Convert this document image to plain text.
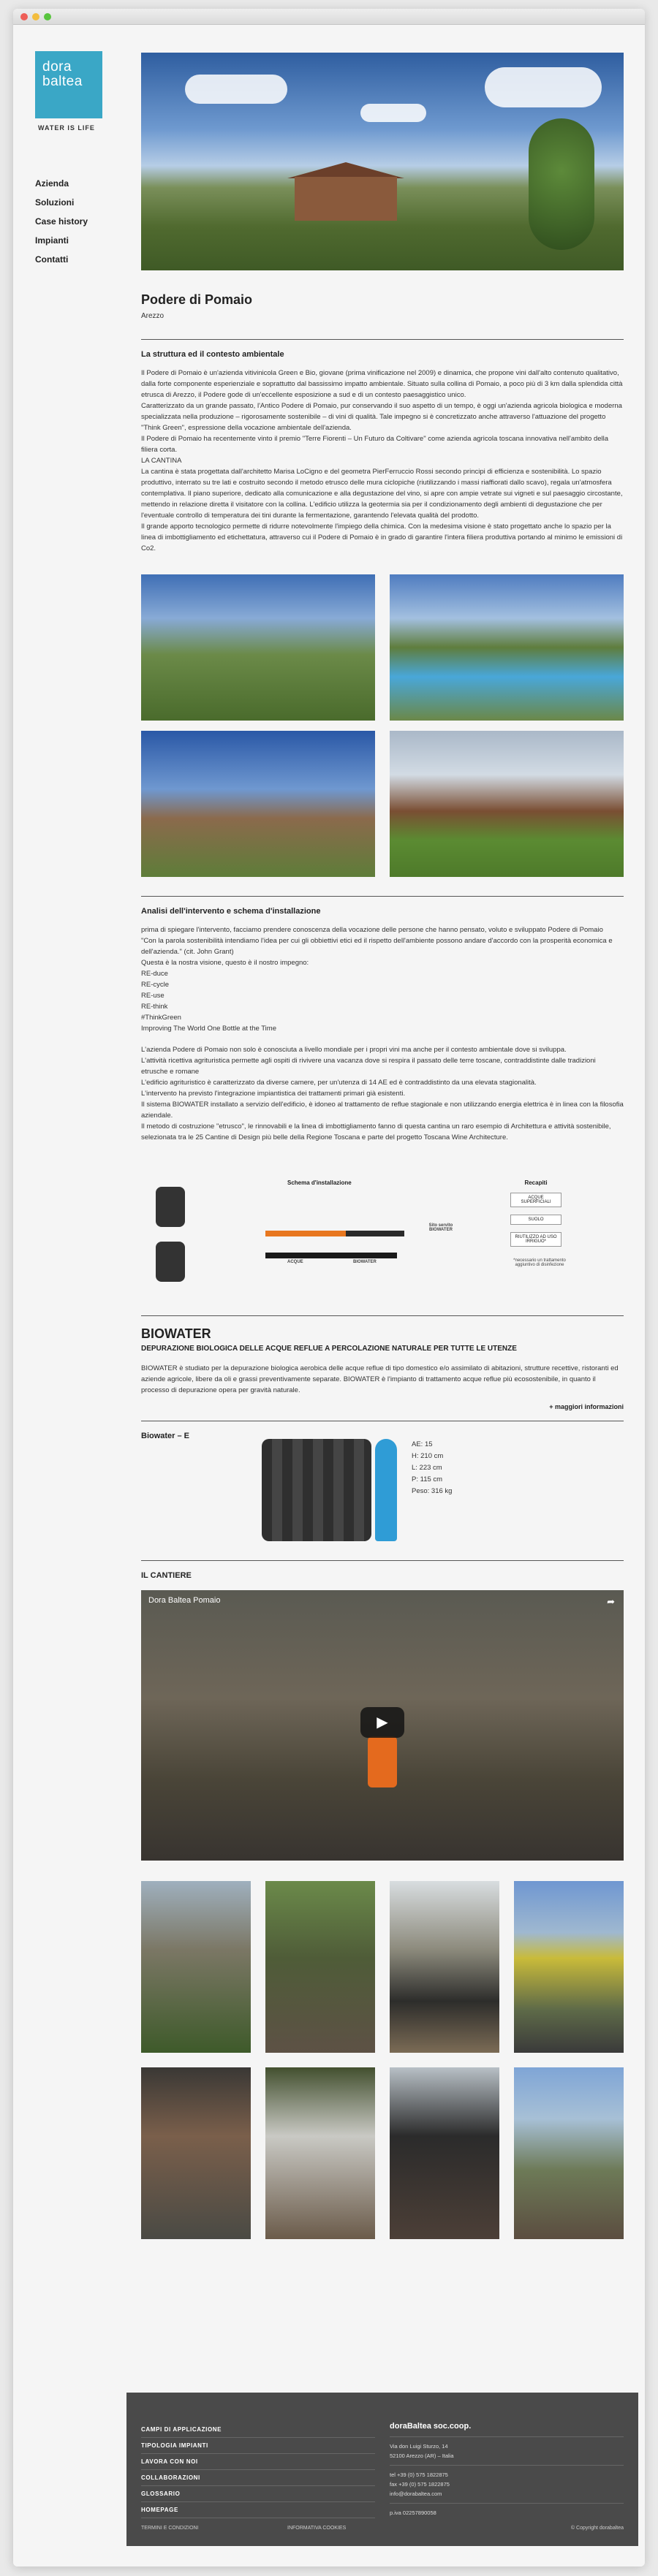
dora
baltea
WATER IS LIFE
Azienda
Soluzioni
Case history
Impianti
Contatti
Podere di Pomaio
Arezzo
La struttura ed il contesto ambientale

Il Podere di Pomaio è un'azienda vitivinicola Green e Bio, giovane (prima vinificazione nel 2009) e dinamica, che propone vini dall'alto contenuto qualitativo, dalla forte componente esperienziale e soprattutto dal bassissimo impatto ambientale. Situato sulla collina di Pomaio, a poco più di 3 km dalla splendida città etrusca di Arezzo, il Podere gode di un'eccellente esposizione a sud e di un contesto paesaggistico unico.

Caratterizzato da un grande passato, l'Antico Podere di Pomaio, pur conservando il suo aspetto di un tempo, è oggi un'azienda agricola biologica e moderna specializzata nella produzione – rigorosamente sostenibile – di vini di qualità. Tale impegno si è concretizzato anche attraverso l'attuazione del progetto "Think Green", espressione della vocazione ambientale dell'azienda.

Il Podere di Pomaio ha recentemente vinto il premio "Terre Fiorenti – Un Futuro da Coltivare" come azienda agricola toscana innovativa nell'ambito della filiera corta.

LA CANTINA

La cantina è stata progettata dall'architetto Marisa LoCigno e del geometra PierFerruccio Rossi secondo principi di efficienza e sostenibilità. Lo spazio produttivo, interrato su tre lati e costruito secondo il metodo etrusco delle mura ciclopiche (riutilizzando i massi riaffiorati dallo scavo), regala un'atmosfera contemplativa. Il piano superiore, dedicato alla comunicazione e alla degustazione del vino, si apre con ampie vetrate sui vigneti e sul paesaggio circostante, mettendo in relazione diretta il visitatore con la collina. L'edificio utilizza la geotermia sia per il condizionamento degli ambienti di degustazione che per l'eventuale controllo di temperatura dei tini durante la fermentazione, garantendo l'elevata qualità del prodotto.

Il grande apporto tecnologico permette di ridurre notevolmente l'impiego della chimica. Con la medesima visione è stato progettato anche lo spazio per la linea di imbottigliamento ed etichettatura, attraverso cui il Podere di Pomaio è in grado di garantire l'intera filiera produttiva portando al minimo le emissioni di Co2.

Analisi dell'intervento e schema d'installazione

prima di spiegare l'intervento, facciamo prendere conoscenza della vocazione delle persone che hanno pensato, voluto e sviluppato Podere di Pomaio

"Con la parola sostenibilità intendiamo l'idea per cui gli obbiettivi etici ed il rispetto dell'ambiente possono andare d'accordo con la prosperità economica e dell'azienda." (cit. John Grant)

Questa è la nostra visione, questo è il nostro impegno:

RE-duce
RE-cycle
RE-use
RE-think
#ThinkGreen
Improving The World One Bottle at the Time

L'azienda Podere di Pomaio non solo è conosciuta a livello mondiale per i propri vini ma anche per il contesto ambientale dove si sviluppa.

L'attività ricettiva agrituristica permette agli ospiti di rivivere una vacanza dove si respira il passato delle terre toscane, contraddistinte dalle tradizioni etrusche e romane

L'edificio agrituristico è caratterizzato da diverse camere, per un'utenza di 14 AE ed è contraddistinto da una elevata stagionalità.

L'intervento ha previsto l'integrazione impiantistica dei trattamenti primari già esistenti.

Il sistema BIOWATER installato a servizio dell'edificio, è idoneo al trattamento de reflue stagionale e non utilizzando energia elettrica è in linea con la filosofia aziendale.

Il metodo di costruzione "etrusco", le rinnovabili e la linea di imbottigliamento fanno di questa cantina un raro esempio di Architettura e attività sostenibile, selezionata tra le 25 Cantine di Design più belle della Regione Toscana e parte del progetto Toscana Wine Architecture.

Schema d'installazione
ACQUE	BIOWATER
Sito servito BIOWATER
Recapiti
ACQUE SUPERFICIALI
SUOLO
RIUTILIZZO AD USO IRRIGUO*
*necessario un trattamento aggiuntivo di disinfezione
BIOWATER
DEPURAZIONE BIOLOGICA DELLE ACQUE REFLUE A PERCOLAZIONE NATURALE PER TUTTE LE UTENZE

BIOWATER è studiato per la depurazione biologica aerobica delle acque reflue di tipo domestico e/o assimilato di abitazioni, strutture recettive, ristoranti ed aziende agricole, libere da oli e grassi preventivamente separate. BIOWATER è l'impianto di trattamento acque reflue più ecosostenibile, in quanto il processo di depurazione opera per gravità naturale.

+ maggiori informazioni
Biowater – E
AE: 15
H: 210 cm
L: 223 cm
P: 115 cm
Peso: 316 kg
IL CANTIERE
Dora Baltea Pomaio	➦
▶
CAMPI DI APPLICAZIONE
TIPOLOGIA IMPIANTI
LAVORA CON NOI
COLLABORAZIONI
GLOSSARIO
HOMEPAGE
doraBaltea soc.coop.
Via don Luigi Sturzo, 14
52100 Arezzo (AR) – Italia
tel +39 (0) 575 1822875
fax +39 (0) 575 1822875
info@dorabaltea.com
p.iva 02257890058
TERMINI E CONDIZIONI	INFORMATIVA COOKIES	© Copyright dorabaltea
